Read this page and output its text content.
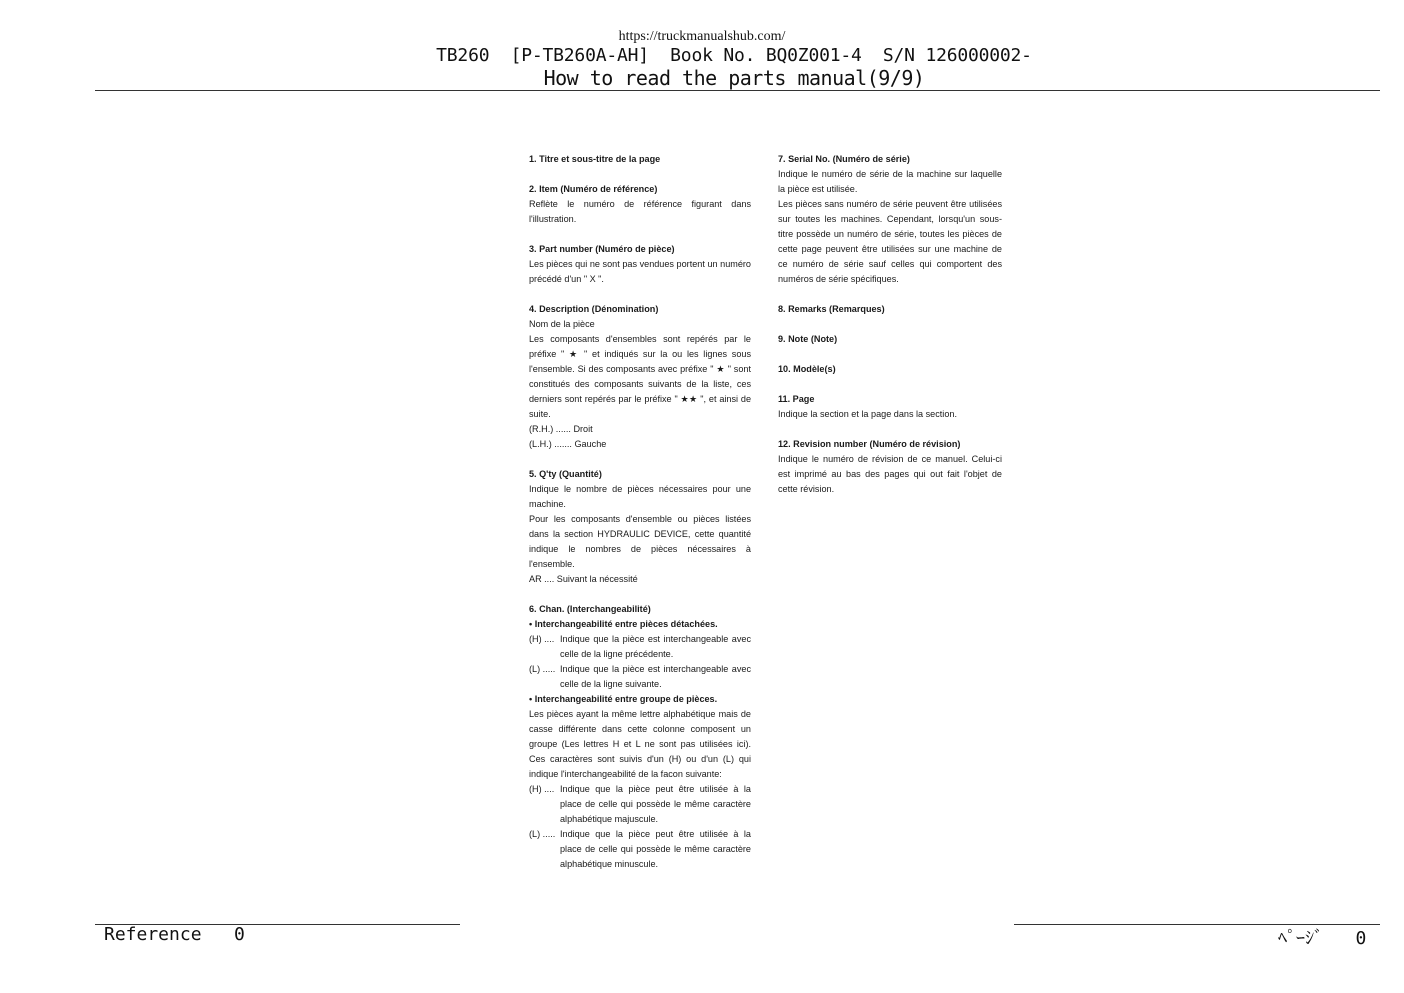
https://truckmanualshub.com/
TB260  [P-TB260A-AH]  Book No. BQ0Z001-4  S/N 126000002-
How to read the parts manual(9/9)
1. Titre et sous-titre de la page
2. Item (Numéro de référence)
Reflète le numéro de référence figurant dans l'illustration.
3. Part number (Numéro de pièce)
Les pièces qui ne sont pas vendues portent un numéro précédé d'un " X ".
4. Description (Dénomination)
Nom de la pièce
Les composants d'ensembles sont repérés par le préfixe " ★ " et indiqués sur la ou les lignes sous l'ensemble. Si des composants avec préfixe " ★ " sont constitués des composants suivants de la liste, ces derniers sont repérés par le préfixe " ★★ ", et ainsi de suite.
(R.H.) ...... Droit
(L.H.) ....... Gauche
5. Q'ty (Quantité)
Indique le nombre de pièces nécessaires pour une machine.
Pour les composants d'ensemble ou pièces listées dans la section HYDRAULIC DEVICE, cette quantité indique le nombres de pièces nécessaires à l'ensemble.
AR .... Suivant la nécessité
6. Chan. (Interchangeabilité)
• Interchangeabilité entre pièces détachées.
(H) .... Indique que la pièce est interchangeable avec celle de la ligne précédente.
(L) ..... Indique que la pièce est interchangeable avec celle de la ligne suivante.
• Interchangeabilité entre groupe de pièces.
Les pièces ayant la même lettre alphabétique mais de casse différente dans cette colonne composent un groupe (Les lettres H et L ne sont pas utilisées ici). Ces caractères sont suivis d'un (H) ou d'un (L) qui indique l'interchangeabilité de la facon suivante:
(H) .... Indique que la pièce peut être utilisée à la place de celle qui possède le même caractère alphabétique majuscule.
(L) ..... Indique que la pièce peut être utilisée à la place de celle qui possède le même caractère alphabétique minuscule.
7. Serial No. (Numéro de série)
Indique le numéro de série de la machine sur laquelle la pièce est utilisée.
Les pièces sans numéro de série peuvent être utilisées sur toutes les machines. Cependant, lorsqu'un sous-titre possède un numéro de série, toutes les pièces de cette page peuvent être utilisées sur une machine de ce numéro de série sauf celles qui comportent des numéros de série spécifiques.
8. Remarks (Remarques)
9. Note (Note)
10. Modèle(s)
11. Page
Indique la section et la page dans la section.
12. Revision number (Numéro de révision)
Indique le numéro de révision de ce manuel. Celui-ci est imprimé au bas des pages qui out fait l'objet de cette révision.
Reference   0	ﾍﾟｰｼﾞ   0
